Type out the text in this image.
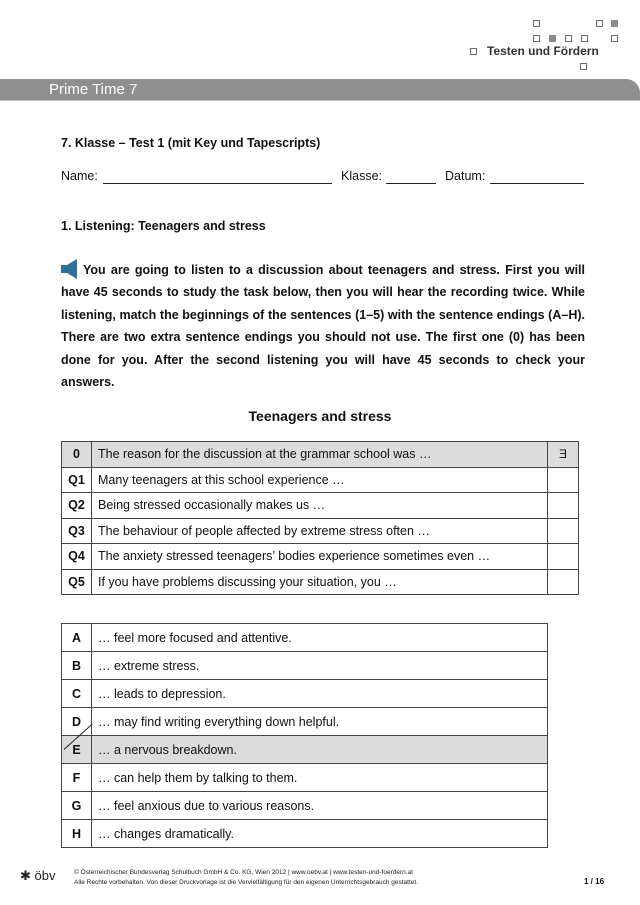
Testen und Fördern
Prime Time 7
7. Klasse – Test 1 (mit Key und Tapescripts)
Name:	Klasse:	Datum:
1. Listening: Teenagers and stress

You are going to listen to a discussion about teenagers and stress. First you will have 45 seconds to study the task below, then you will hear the recording twice. While listening, match the beginnings of the sentences (1–5) with the sentence endings (A–H). There are two extra sentence endings you should not use. The first one (0) has been done for you. After the second listening you will have 45 seconds to check your answers.

Teenagers and stress
0	The reason for the discussion at the grammar school was …	E
Q1	Many teenagers at this school experience …	
Q2	Being stressed occasionally makes us …	
Q3	The behaviour of people affected by extreme stress often …	
Q4	The anxiety stressed teenagers’ bodies experience sometimes even …	
Q5	If you have problems discussing your situation, you …	
A	… feel more focused and attentive.
B	… extreme stress.
C	… leads to depression.
D	… may find writing everything down helpful.
E	… a nervous breakdown.
F	… can help them by talking to them.
G	… feel anxious due to various reasons.
H	… changes dramatically.
✱ öbv	© Österreichischer Bundesverlag Schulbuch GmbH & Co. KG, Wien 2012 | www.oebv.at | www.testen-und-foerdern.at
Alle Rechte vorbehalten. Von dieser Druckvorlage ist die Vervielfältigung für den eigenen Unterrichtsgebrauch gestattet.	1 / 16
